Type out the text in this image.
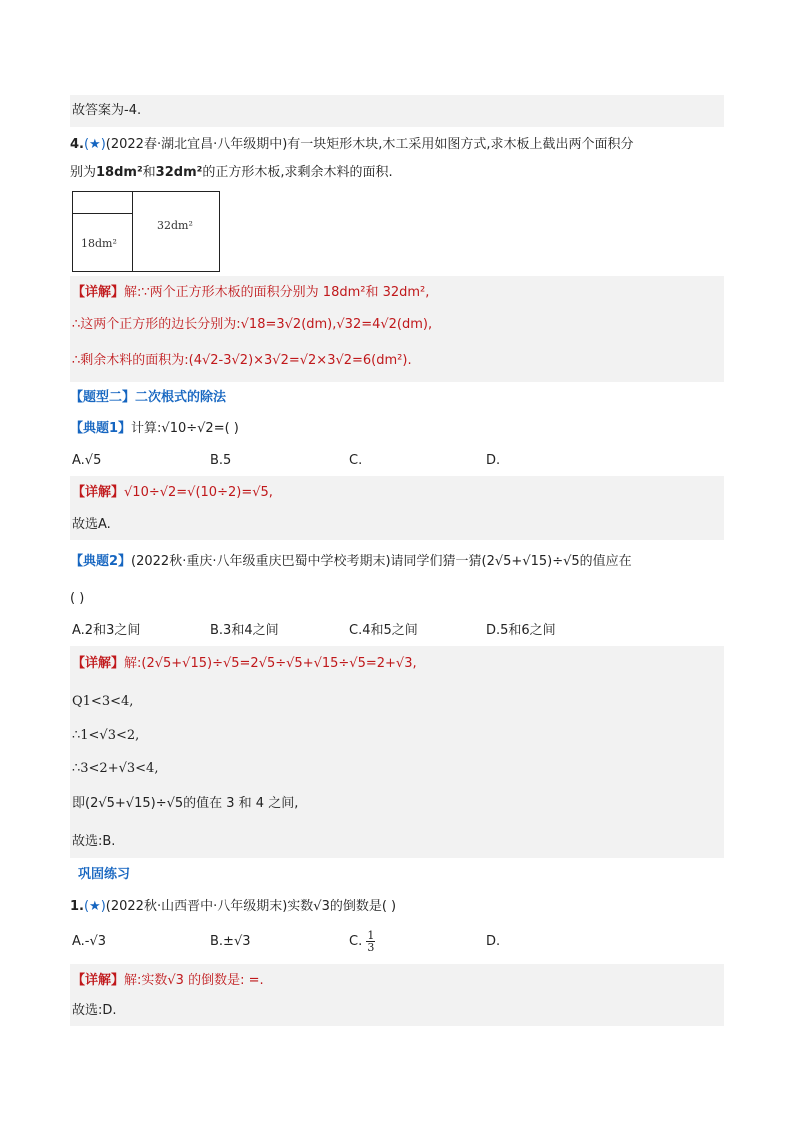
故答案为-4.
4.(★)(2022春·湖北宜昌·八年级期中)有一块矩形木块,木工采用如图方式,求木板上截出两个面积分
别为18dm²和32dm²的正方形木板,求剩余木料的面积.
18dm²
32dm²
【详解】解:∵两个正方形木板的面积分别为 18dm²和 32dm²,
∴这两个正方形的边长分别为:√18=3√2(dm),√32=4√2(dm),
∴剩余木料的面积为:(4√2-3√2)×3√2=√2×3√2=6(dm²).
【题型二】二次根式的除法
【典题1】计算:√10÷√2=( )
A.√5	B.5	C.	D.
【详解】√10÷√2=√(10÷2)=√5,
故选A.
【典题2】(2022秋·重庆·八年级重庆巴蜀中学校考期末)请同学们猜一猜(2√5+√15)÷√5的值应在
( )
A.2和3之间	B.3和4之间	C.4和5之间	D.5和6之间
【详解】解:(2√5+√15)÷√5=2√5÷√5+√15÷√5=2+√3,
Q1<3<4,
∴1<√3<2,
∴3<2+√3<4,
即(2√5+√15)÷√5的值在 3 和 4 之间,
故选:B.
巩固练习
1.(★)(2022秋·山西晋中·八年级期末)实数√3的倒数是( )
A.-√3	B.±√3	C. $\frac{1}{3}$	D.
【详解】解:实数√3 的倒数是: =.
故选:D.
